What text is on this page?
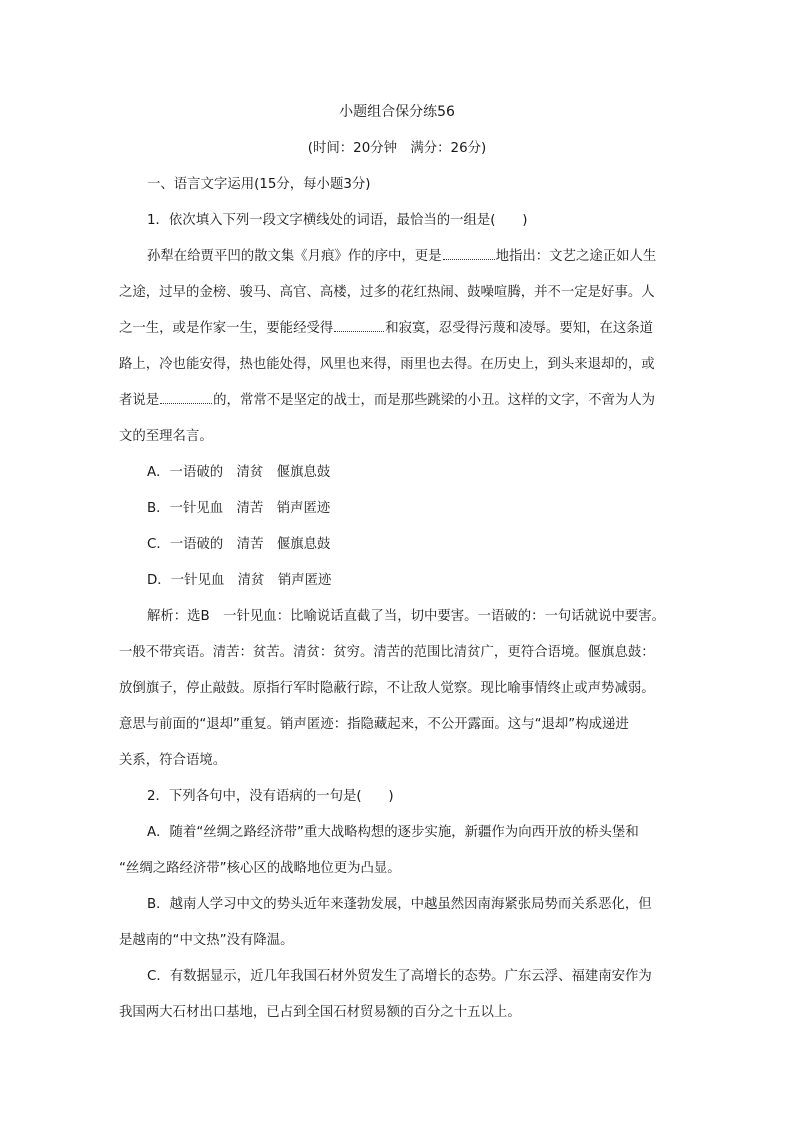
小题组合保分练56
(时间：20分钟　满分：26分)
一、语言文字运用(15分，每小题3分)
1．依次填入下列一段文字横线处的词语，最恰当的一组是(　　)
孙犁在给贾平凹的散文集《月痕》作的序中，更是	地指出：文艺之途正如人生
之途，过早的金榜、骏马、高官、高楼，过多的花红热闹、鼓噪喧腾，并不一定是好事。人
之一生，或是作家一生，要能经受得	和寂寞，忍受得污蔑和凌辱。要知，在这条道
路上，冷也能安得，热也能处得，风里也来得，雨里也去得。在历史上，到头来退却的，或
者说是	的，常常不是坚定的战士，而是那些跳梁的小丑。这样的文字，不啻为人为
文的至理名言。
A．一语破的　清贫　偃旗息鼓
B．一针见血　清苦　销声匿迹
C．一语破的　清苦　偃旗息鼓
D．一针见血　清贫　销声匿迹
解析：选B　一针见血：比喻说话直截了当，切中要害。一语破的：一句话就说中要害。
一般不带宾语。清苦：贫苦。清贫：贫穷。清苦的范围比清贫广，更符合语境。偃旗息鼓：
放倒旗子，停止敲鼓。原指行军时隐蔽行踪，不让敌人觉察。现比喻事情终止或声势减弱。
意思与前面的“退却”重复。销声匿迹：指隐藏起来，不公开露面。这与“退却”构成递进
关系，符合语境。
2．下列各句中，没有语病的一句是(　　)
A．随着“丝绸之路经济带”重大战略构想的逐步实施，新疆作为向西开放的桥头堡和
“丝绸之路经济带”核心区的战略地位更为凸显。
B．越南人学习中文的势头近年来蓬勃发展，中越虽然因南海紧张局势而关系恶化，但
是越南的“中文热”没有降温。
C．有数据显示，近几年我国石材外贸发生了高增长的态势。广东云浮、福建南安作为
我国两大石材出口基地，已占到全国石材贸易额的百分之十五以上。
